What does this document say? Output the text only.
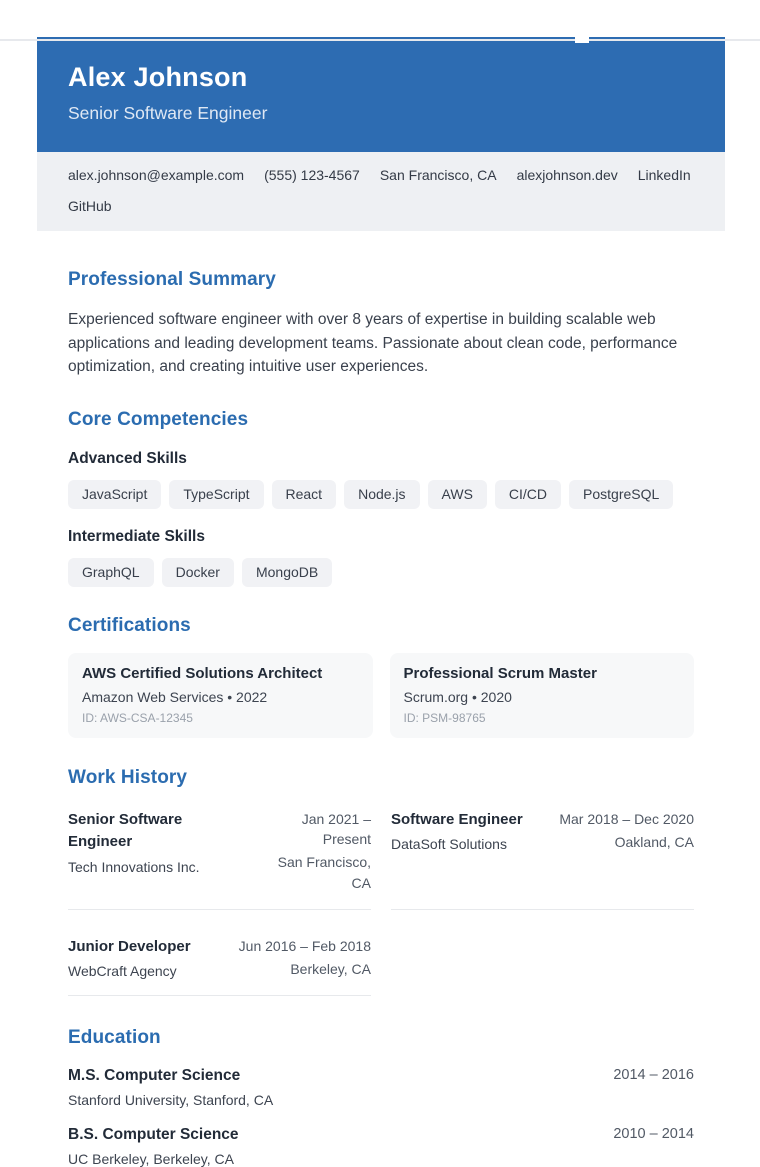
Alex Johnson
Senior Software Engineer
alex.johnson@example.com (555) 123-4567 San Francisco, CA alexjohnson.dev LinkedIn
GitHub
Professional Summary
Experienced software engineer with over 8 years of expertise in building scalable web applications and leading development teams. Passionate about clean code, performance optimization, and creating intuitive user experiences.
Core Competencies
Advanced Skills
JavaScript	TypeScript	React	Node.js	AWS	CI/CD	PostgreSQL
Intermediate Skills
GraphQL	Docker	MongoDB
Certifications
AWS Certified Solutions Architect
Amazon Web Services • 2022
ID: AWS-CSA-12345
Professional Scrum Master
Scrum.org • 2020
ID: PSM-98765
Work History
Senior Software Engineer
Tech Innovations Inc.
Jan 2021 – Present
San Francisco, CA
Software Engineer
DataSoft Solutions
Mar 2018 – Dec 2020
Oakland, CA
Junior Developer
WebCraft Agency
Jun 2016 – Feb 2018
Berkeley, CA
Education
M.S. Computer Science
Stanford University, Stanford, CA
2014 – 2016
B.S. Computer Science
UC Berkeley, Berkeley, CA
2010 – 2014
